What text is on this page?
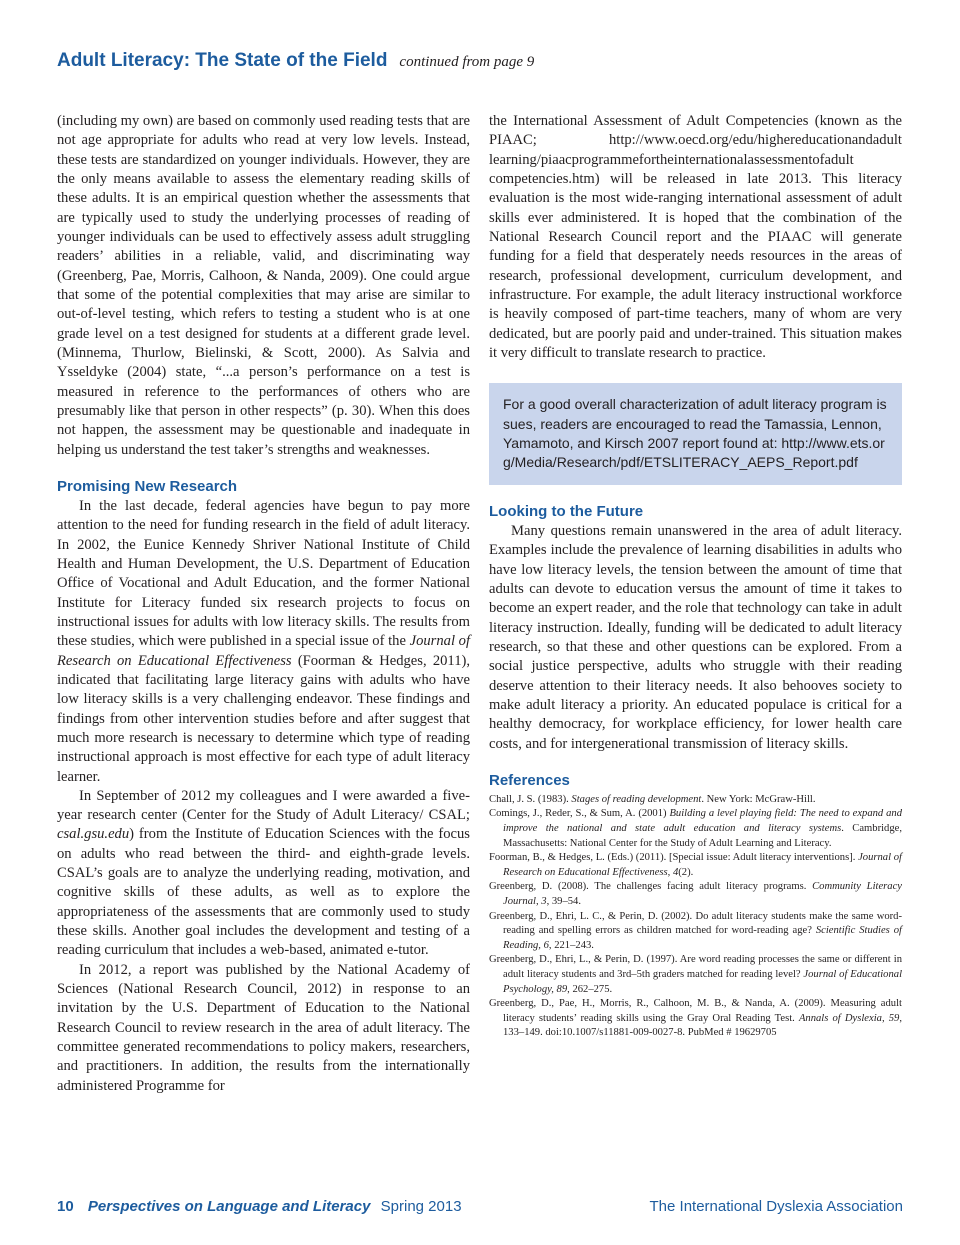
Adult Literacy: The State of the Field continued from page 9

(including my own) are based on commonly used reading tests that are not age appropriate for adults who read at very low levels. Instead, these tests are standardized on younger individuals. However, they are the only means available to assess the elementary reading skills of these adults. It is an empirical question whether the assessments that are typically used to study the underlying processes of reading of younger individuals can be used to effectively assess adult struggling readers’ abilities in a reliable, valid, and discriminating way (Greenberg, Pae, Morris, Calhoon, & Nanda, 2009). One could argue that some of the potential complexities that may arise are similar to out-of-level testing, which refers to testing a student who is at one grade level on a test designed for students at a different grade level. (Minnema, Thurlow, Bielinski, & Scott, 2000). As Salvia and Ysseldyke (2004) state, “...a person’s performance on a test is measured in reference to the performances of others who are presumably like that person in other respects” (p. 30). When this does not happen, the assessment may be questionable and inadequate in helping us understand the test taker’s strengths and weaknesses.

Promising New Research

In the last decade, federal agencies have begun to pay more attention to the need for funding research in the field of adult literacy. In 2002, the Eunice Kennedy Shriver National Institute of Child Health and Human Development, the U.S. Department of Education Office of Vocational and Adult Education, and the former National Institute for Literacy funded six research projects to focus on instructional issues for adults with low literacy skills. The results from these studies, which were published in a special issue of the Journal of Research on Educational Effectiveness (Foorman & Hedges, 2011), indicated that facilitating large literacy gains with adults who have low literacy skills is a very challenging endeavor. These findings and findings from other intervention studies before and after suggest that much more research is necessary to determine which type of reading instructional approach is most effective for each type of adult literacy learner.

In September of 2012 my colleagues and I were awarded a five-year research center (Center for the Study of Adult Literacy/ CSAL; csal.gsu.edu) from the Institute of Education Sciences with the focus on adults who read between the third- and eighth-grade levels. CSAL’s goals are to analyze the underlying reading, motivation, and cognitive skills of these adults, as well as to explore the appropriateness of the assessments that are commonly used to study these skills. Another goal includes the development and testing of a reading curriculum that includes a web-based, animated e-tutor.

In 2012, a report was published by the National Academy of Sciences (National Research Council, 2012) in response to an invitation by the U.S. Department of Education to the National Research Council to review research in the area of adult literacy. The committee generated recommendations to policy makers, researchers, and practitioners. In addition, the results from the internationally administered Programme for

the International Assessment of Adult Competencies (known as the PIAAC; http://www.oecd.org/edu/higher​education​andadult​learning/piaac​programme​for​the​international​assessment​ofadult​competencies.htm) will be released in late 2013. This literacy evaluation is the most wide-ranging international assessment of adult skills ever administered. It is hoped that the combination of the National Research Council report and the PIAAC will generate funding for a field that desperately needs resources in the areas of research, professional development, curriculum development, and infrastructure. For example, the adult literacy instructional workforce is heavily composed of part-time teachers, many of whom are very dedicated, but are poorly paid and under-trained. This situation makes it very difficult to translate research to practice.

For a good overall characterization of adult literacy program issues, readers are encouraged to read the Tamassia, Lennon, Yamamoto, and Kirsch 2007 report found at: http://www.ets.org/Media/Research/pdf/ETSLITERACY_AEPS_Report.pdf
Looking to the Future

Many questions remain unanswered in the area of adult literacy. Examples include the prevalence of learning disabilities in adults who have low literacy levels, the tension between the amount of time that adults can devote to education versus the amount of time it takes to become an expert reader, and the role that technology can take in adult literacy instruction. Ideally, funding will be dedicated to adult literacy research, so that these and other questions can be explored. From a social justice perspective, adults who struggle with their reading deserve attention to their literacy needs. It also behooves society to make adult literacy a priority. An educated populace is critical for a healthy democracy, for workplace efficiency, for lower health care costs, and for intergenerational transmission of literacy skills.

References

Chall, J. S. (1983). Stages of reading development. New York: McGraw-Hill.

Comings, J., Reder, S., & Sum, A. (2001) Building a level playing field: The need to expand and improve the national and state adult education and literacy systems. Cambridge, Massachusetts: National Center for the Study of Adult Learning and Literacy.

Foorman, B., & Hedges, L. (Eds.) (2011). [Special issue: Adult literacy interventions]. Journal of Research on Educational Effectiveness, 4(2).

Greenberg, D. (2008). The challenges facing adult literacy programs. Community Literacy Journal, 3, 39–54.

Greenberg, D., Ehri, L. C., & Perin, D. (2002). Do adult literacy students make the same word-reading and spelling errors as children matched for word-reading age? Scientific Studies of Reading, 6, 221–243.

Greenberg, D., Ehri, L., & Perin, D. (1997). Are word reading processes the same or different in adult literacy students and 3rd–5th graders matched for reading level? Journal of Educational Psychology, 89, 262–275.

Greenberg, D., Pae, H., Morris, R., Calhoon, M. B., & Nanda, A. (2009). Measuring adult literacy students’ reading skills using the Gray Oral Reading Test. Annals of Dyslexia, 59, 133–149. doi:10.1007/s11881-009-0027-8. PubMed # 19629705

10 Perspectives on Language and Literacy Spring 2013	The International Dyslexia Association
